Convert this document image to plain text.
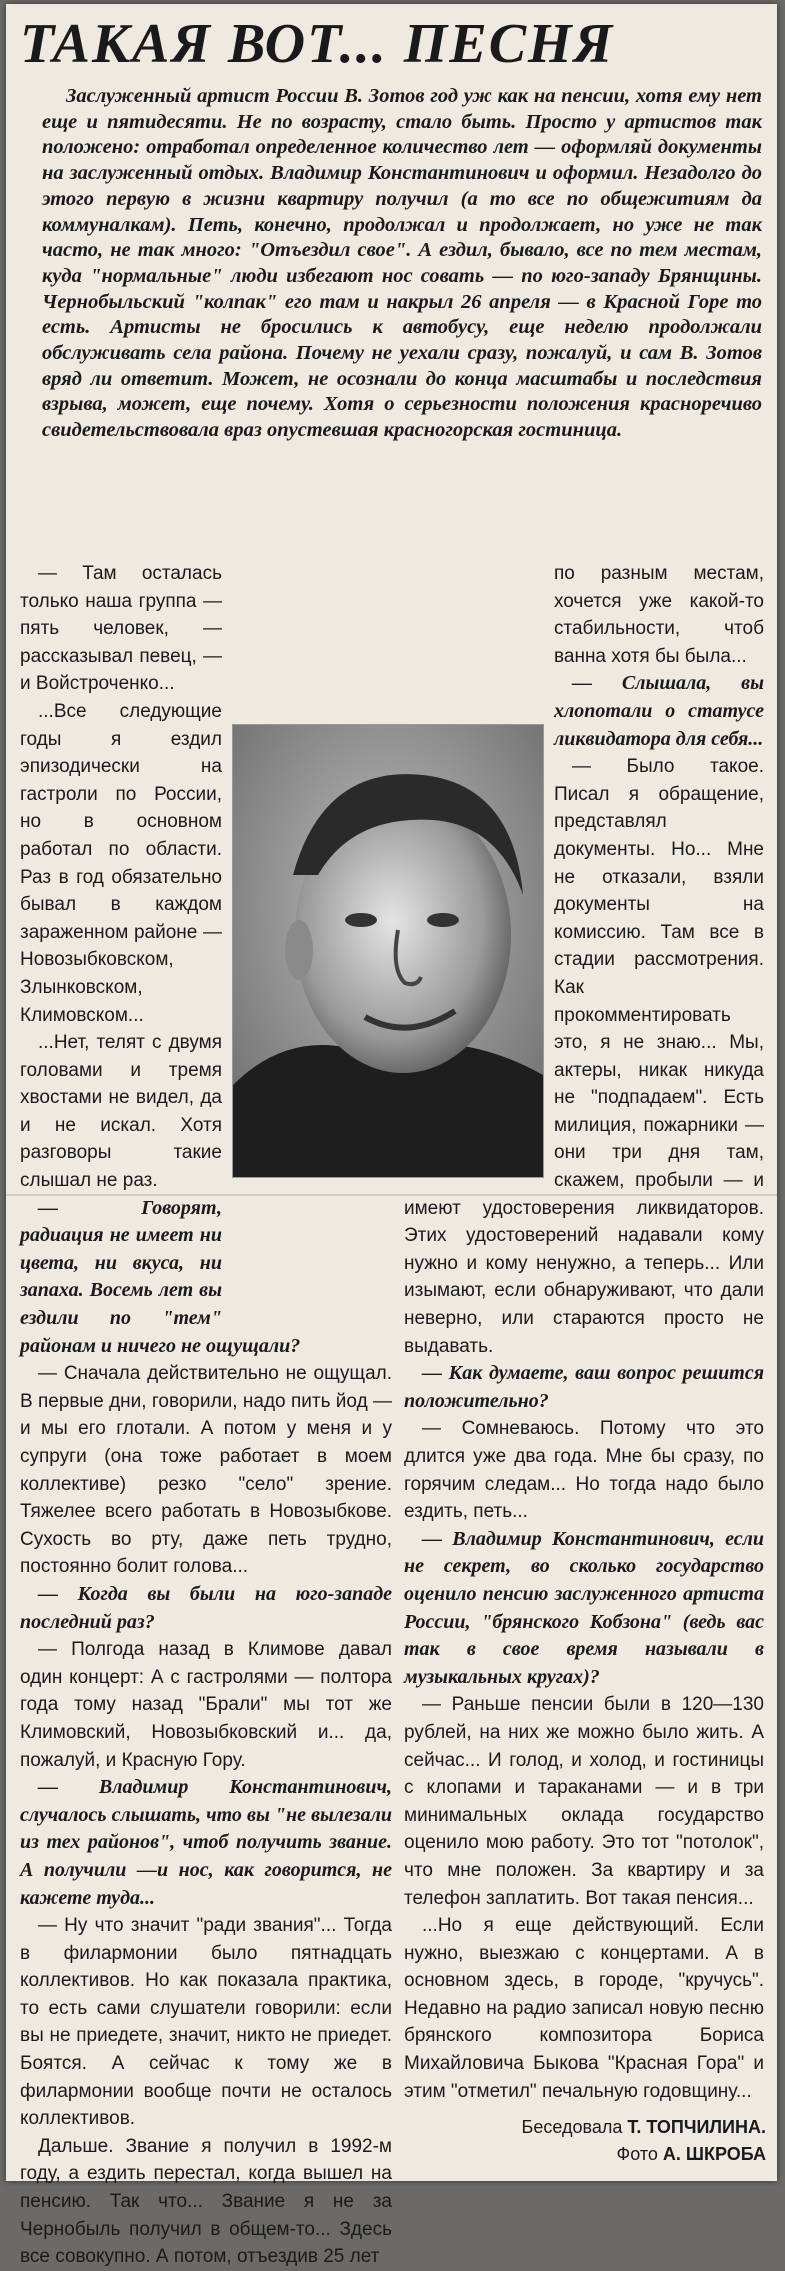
ТАКАЯ ВОТ... ПЕСНЯ

Заслуженный артист России В. Зотов год уж как на пенсии, хотя ему нет еще и пятидесяти. Не по возрасту, стало быть. Просто у артистов так положено: отработал определенное количество лет — оформляй документы на заслуженный отдых. Владимир Константинович и оформил. Незадолго до этого первую в жизни квартиру получил (а то все по общежитиям да коммуналкам). Петь, конечно, продолжал и продолжает, но уже не так часто, не так много: "Отъездил свое". А ездил, бывало, все по тем местам, куда "нормальные" люди избегают нос совать — по юго-западу Брянщины. Чернобыльский "колпак" его там и накрыл 26 апреля — в Красной Горе то есть. Артисты не бросились к автобусу, еще неделю продолжали обслуживать села района. Почему не уехали сразу, пожалуй, и сам В. Зотов вряд ли ответит. Может, не осознали до конца масштабы и последствия взрыва, может, еще почему. Хотя о серьезности положения красноречиво свидетельствовала враз опустевшая красногорская гостиница.

— Там осталась только наша группа — пять человек, — рассказывал певец, — и Войстроченко...

...Все следующие годы я ездил эпизодически на гастроли по России, но в основном работал по области. Раз в год обязательно бывал в каждом зараженном районе — Новозыбковском, Злынковском, Климовском...

...Нет, телят с двумя головами и тремя хвостами не видел, да и не искал. Хотя разговоры такие слышал не раз.

— Говорят, радиация не имеет ни цвета, ни вкуса, ни запаха. Восемь лет вы ездили по "тем" районам и ничего не ощущали?

— Сначала действительно не ощущал. В первые дни, говорили, надо пить йод — и мы его глотали. А потом у меня и у супруги (она тоже работает в моем коллективе) резко "село" зрение. Тяжелее всего работать в Новозыбкове. Сухость во рту, даже петь трудно, постоянно болит голова...

— Когда вы были на юго-западе последний раз?

— Полгода назад в Климове давал один концерт: А с гастролями — полтора года тому назад "Брали" мы тот же Климовский, Новозыбковский и... да, пожалуй, и Красную Гору.

— Владимир Константинович, случалось слышать, что вы "не вылезали из тех районов", чтоб получить звание. А получили —и нос, как говорится, не кажете туда...

— Ну что значит "ради звания"... Тогда в филармонии было пятнадцать коллективов. Но как показала практика, то есть сами слушатели говорили: если вы не приедете, значит, никто не приедет. Боятся. А сейчас к тому же в филармонии вообще почти не осталось коллективов.

Дальше. Звание я получил в 1992-м году, а ездить перестал, когда вышел на пенсию. Так что... Звание я не за Чернобыль получил в общем-то... Здесь все совокупно. А потом, отъездив 25 лет

по разным местам, хочется уже какой-то стабильности, чтоб ванна хотя бы была...

— Слышала, вы хлопотали о статусе ликвидатора для себя...

— Было такое. Писал я обращение, представлял документы. Но... Мне не отказали, взяли документы на комиссию. Там все в стадии рассмотрения. Как прокомментировать это, я не знаю... Мы, актеры, никак никуда не "подпадаем". Есть милиция, пожарники — они три дня там, скажем, пробыли — и имеют удостоверения ликвидаторов. Этих удостоверений надавали кому нужно и кому ненужно, а теперь... Или изымают, если обнаруживают, что дали неверно, или стараются просто не выдавать.

— Как думаете, ваш вопрос решится положительно?

— Сомневаюсь. Потому что это длится уже два года. Мне бы сразу, по горячим следам... Но тогда надо было ездить, петь...

— Владимир Константинович, если не секрет, во сколько государство оценило пенсию заслуженного артиста России, "брянского Кобзона" (ведь вас так в свое время называли в музыкальных кругах)?

— Раньше пенсии были в 120—130 рублей, на них же можно было жить. А сейчас... И голод, и холод, и гостиницы с клопами и тараканами — и в три минимальных оклада государство оценило мою работу. Это тот "потолок", что мне положен. За квартиру и за телефон заплатить. Вот такая пенсия...

...Но я еще действующий. Если нужно, выезжаю с концертами. А в основном здесь, в городе, "кручусь". Недавно на радио записал новую песню брянского композитора Бориса Михайловича Быкова "Красная Гора" и этим "отметил" печальную годовщину...

Беседовала Т. ТОПЧИЛИНА.
Фото А. ШКРОБА
